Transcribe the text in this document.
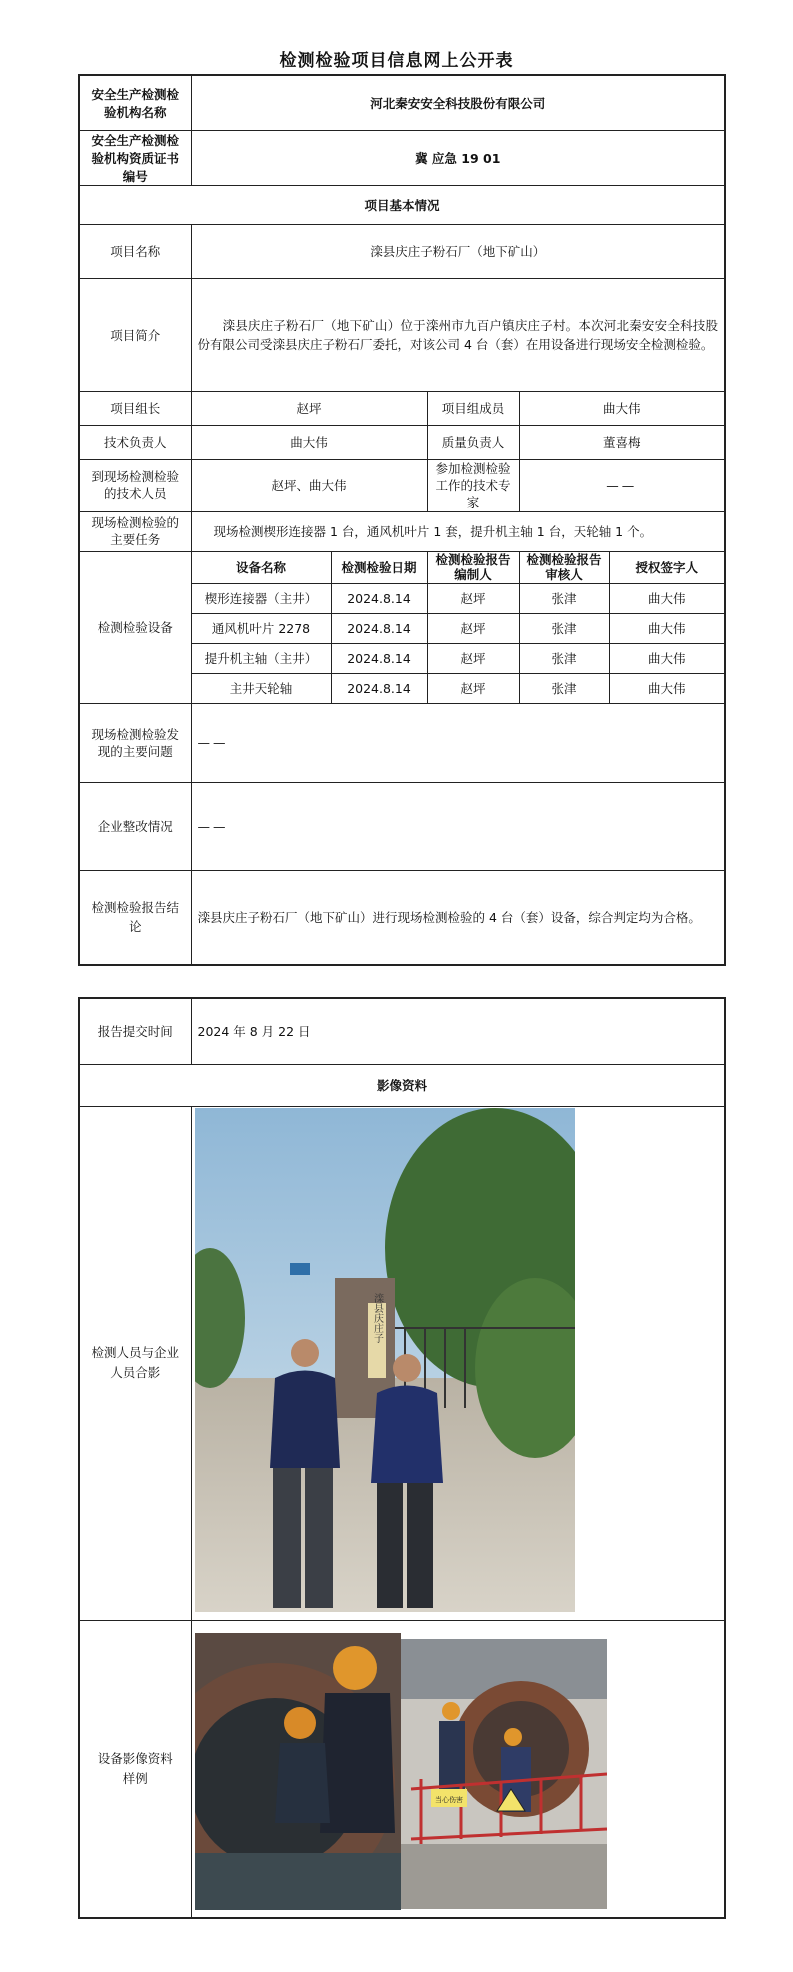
检测检验项目信息网上公开表
安全生产检测检验机构名称	河北秦安安全科技股份有限公司				
安全生产检测检验机构资质证书编号	冀 应急 19 01				
项目基本情况					
项目名称	滦县庆庄子粉石厂（地下矿山）				
项目简介	滦县庆庄子粉石厂（地下矿山）位于滦州市九百户镇庆庄子村。本次河北秦安安全科技股份有限公司受滦县庆庄子粉石厂委托，对该公司 4 台（套）在用设备进行现场安全检测检验。				
项目组长	赵坪		项目组成员	曲大伟	
技术负责人	曲大伟		质量负责人	董喜梅	
到现场检测检验的技术人员	赵坪、曲大伟		参加检测检验工作的技术专家	——	
现场检测检验的主要任务	现场检测楔形连接器 1 台，通风机叶片 1 套，提升机主轴 1 台，天轮轴 1 个。				
检测检验设备	设备名称	检测检验日期	检测检验报告编制人	检测检验报告审核人	授权签字人
	楔形连接器（主井）	2024.8.14	赵坪	张津	曲大伟
	通风机叶片 2278	2024.8.14	赵坪	张津	曲大伟
	提升机主轴（主井）	2024.8.14	赵坪	张津	曲大伟
	主井天轮轴	2024.8.14	赵坪	张津	曲大伟
现场检测检验发现的主要问题	——				
企业整改情况	——				
检测检验报告结论	滦县庆庄子粉石厂（地下矿山）进行现场检测检验的 4 台（套）设备，综合判定均为合格。				
报告提交时间	2024 年 8 月 22 日
影像资料	
检测人员与企业人员合影	
设备影像资料样例	
滦县庆庄子
当心伤害
